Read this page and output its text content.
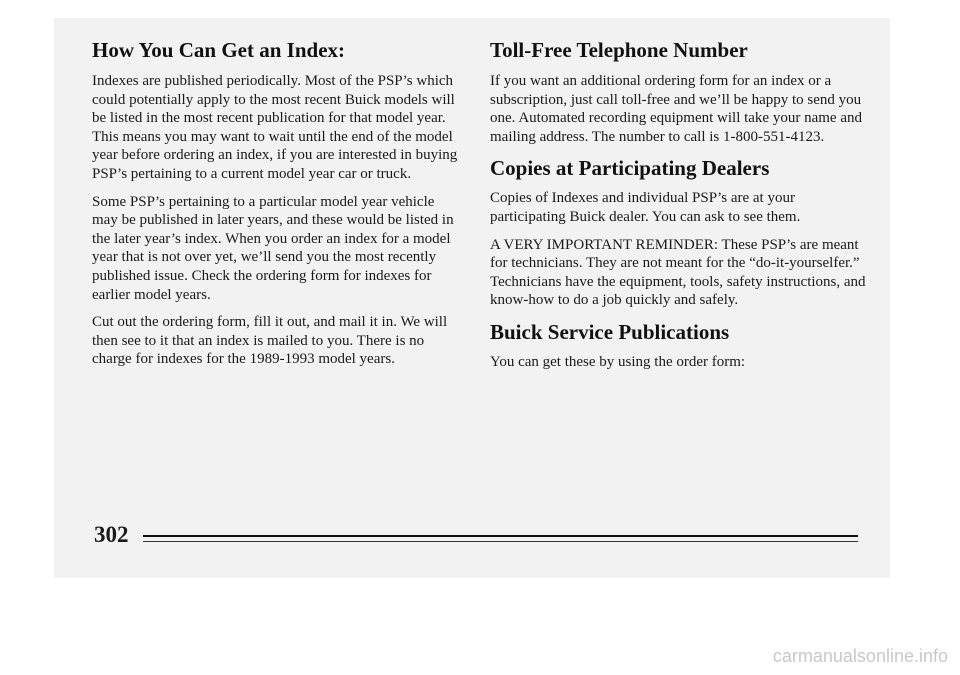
How You Can Get an Index:

Indexes are published periodically. Most of the PSP’s which could potentially apply to the most recent Buick models will be listed in the most recent publication for that model year. This means you may want to wait until the end of the model year before ordering an index, if you are interested in buying PSP’s pertaining to a current model year car or truck.

Some PSP’s pertaining to a particular model year vehicle may be published in later years, and these would be listed in the later year’s index. When you order an index for a model year that is not over yet, we’ll send you the most recently published issue. Check the ordering form for indexes for earlier model years.

Cut out the ordering form, fill it out, and mail it in. We will then see to it that an index is mailed to you. There is no charge for indexes for the 1989-1993 model years.

Toll-Free Telephone Number

If you want an additional ordering form for an index or a subscription, just call toll-free and we’ll be happy to send you one. Automated recording equipment will take your name and mailing address. The number to call is 1-800-551-4123.

Copies at Participating Dealers

Copies of Indexes and individual PSP’s are at your participating Buick dealer. You can ask to see them.

A VERY IMPORTANT REMINDER: These PSP’s are meant for technicians. They are not meant for the “do-it-yourselfer.” Technicians have the equipment, tools, safety instructions, and know-how to do a job quickly and safely.

Buick Service Publications

You can get these by using the order form:

302
carmanualsonline.info
